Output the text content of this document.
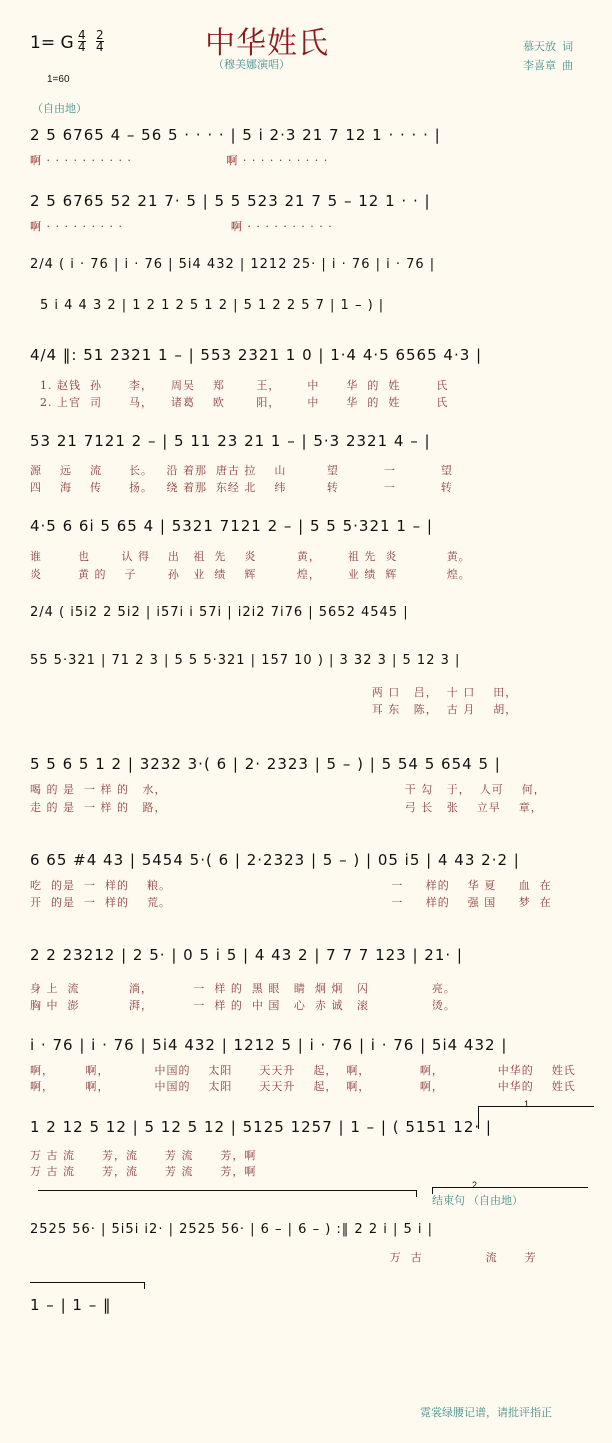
1= G $\frac{4}{4} \frac{2}{4}$	中华姓氏
（穆美娜演唱）
慕天放  词
李喜章  曲
1=60
（自由地）
2 5 6765 4 – 56 5 · · · · | 5 i 2·3 21 7 12 1 · · · · |
啊 · · · · · · · · · ·                     啊 · · · · · · · · · ·
2 5 6765 52 21 7· 5 | 5 5 523 21 7 5 – 12 1 · · |
啊 · · · · · · · · ·                        啊 · · · · · · · · · ·
2/4 ( i · 76 | i · 76 | 5i4 432 | 1212 25· | i · 76 | i · 76 |
5 i 4 4 3 2 | 1 2 1 2 5 1 2 | 5 1 2 2 5 7 | 1 – ) |
4/4 ‖: 51 2321 1 – | 553 2321 1 0 | 1·4 4·5 6565 4·3 |
1. 赵钱  孙      李，    周吴    郑       王，      中      华  的  姓        氏
2. 上官  司      马，    诸葛    欧       阳，      中      华  的  姓        氏
53 21 7121 2 – | 5 11 23 21 1 – | 5·3 2321 4 – |
源    远    流      长。   沿 着那  唐古 拉    山         望          一          望
四    海    传      扬。   绕 着那  东经 北    纬         转          一          转
4·5 6 6i 5 65 4 | 5321 7121 2 – | 5 5 5·321 1 – |
谁        也       认 得    出   祖  先    炎         黄，      祖 先  炎           黄。
炎        黄 的    子       孙   业  绩    辉         煌，      业 绩  辉           煌。
2/4 ( i5i2 2 5i2 | i57i i 57i | i2i2 7i76 | 5652 4545 |
55 5·321 | 71 2 3 | 5 5 5·321 | 157 10 ) | 3 32 3 | 5 12 3 |
两 口   吕，  十 口    田，
耳 东   陈，  古 月    胡，
5 5 6 5 1 2 | 3232 3·( 6 | 2· 2323 | 5 – ) | 5 54 5 654 5 |
喝 的 是  一 样 的   水，                                                     干 勾   于，  人可    何，
走 的 是  一 样 的   路，                                                     弓 长   张    立早    章，
6 65 #4 43 | 5454 5·( 6 | 2·2323 | 5 – ) | 05 i5 | 4 43 2·2 |
吃  的是  一  样的    粮。                                                 一     样的    华 夏     血  在
开  的是  一  样的    荒。                                                 一     样的    强 国     梦  在
2 2 23212 | 2 5· | 0 5 i 5 | 4 43 2 | 7 7 7 123 | 21· |
身 上  流           淌，         一  样 的  黑 眼   睛  炯 炯   闪              亮。
胸 中  澎           湃，         一  样 的  中 国   心  赤 诚   滚              烫。
i · 76 | i · 76 | 5i4 432 | 1212 5 | i · 76 | i · 76 | 5i4 432 |
啊，       啊，          中国的    太阳      天天升    起，  啊，           啊，            中华的    姓氏
啊，       啊，          中国的    太阳      天天升    起，  啊，           啊，            中华的    姓氏
1 2 12 5 12 | 5 12 5 12 | 5125 1257 | 1 – | ( 5151 12· |
万 古 流      芳，流      芳 流      芳，啊
万 古 流      芳，流      芳 流      芳，啊
1
2
结束句 （自由地）
2525 56· | 5i5i i2· | 2525 56· | 6 – | 6 – ) :‖ 2 2 i | 5 i |
万  古              流      芳
1 – | 1 – ‖
霓裳绿腰记谱，请批评指正
